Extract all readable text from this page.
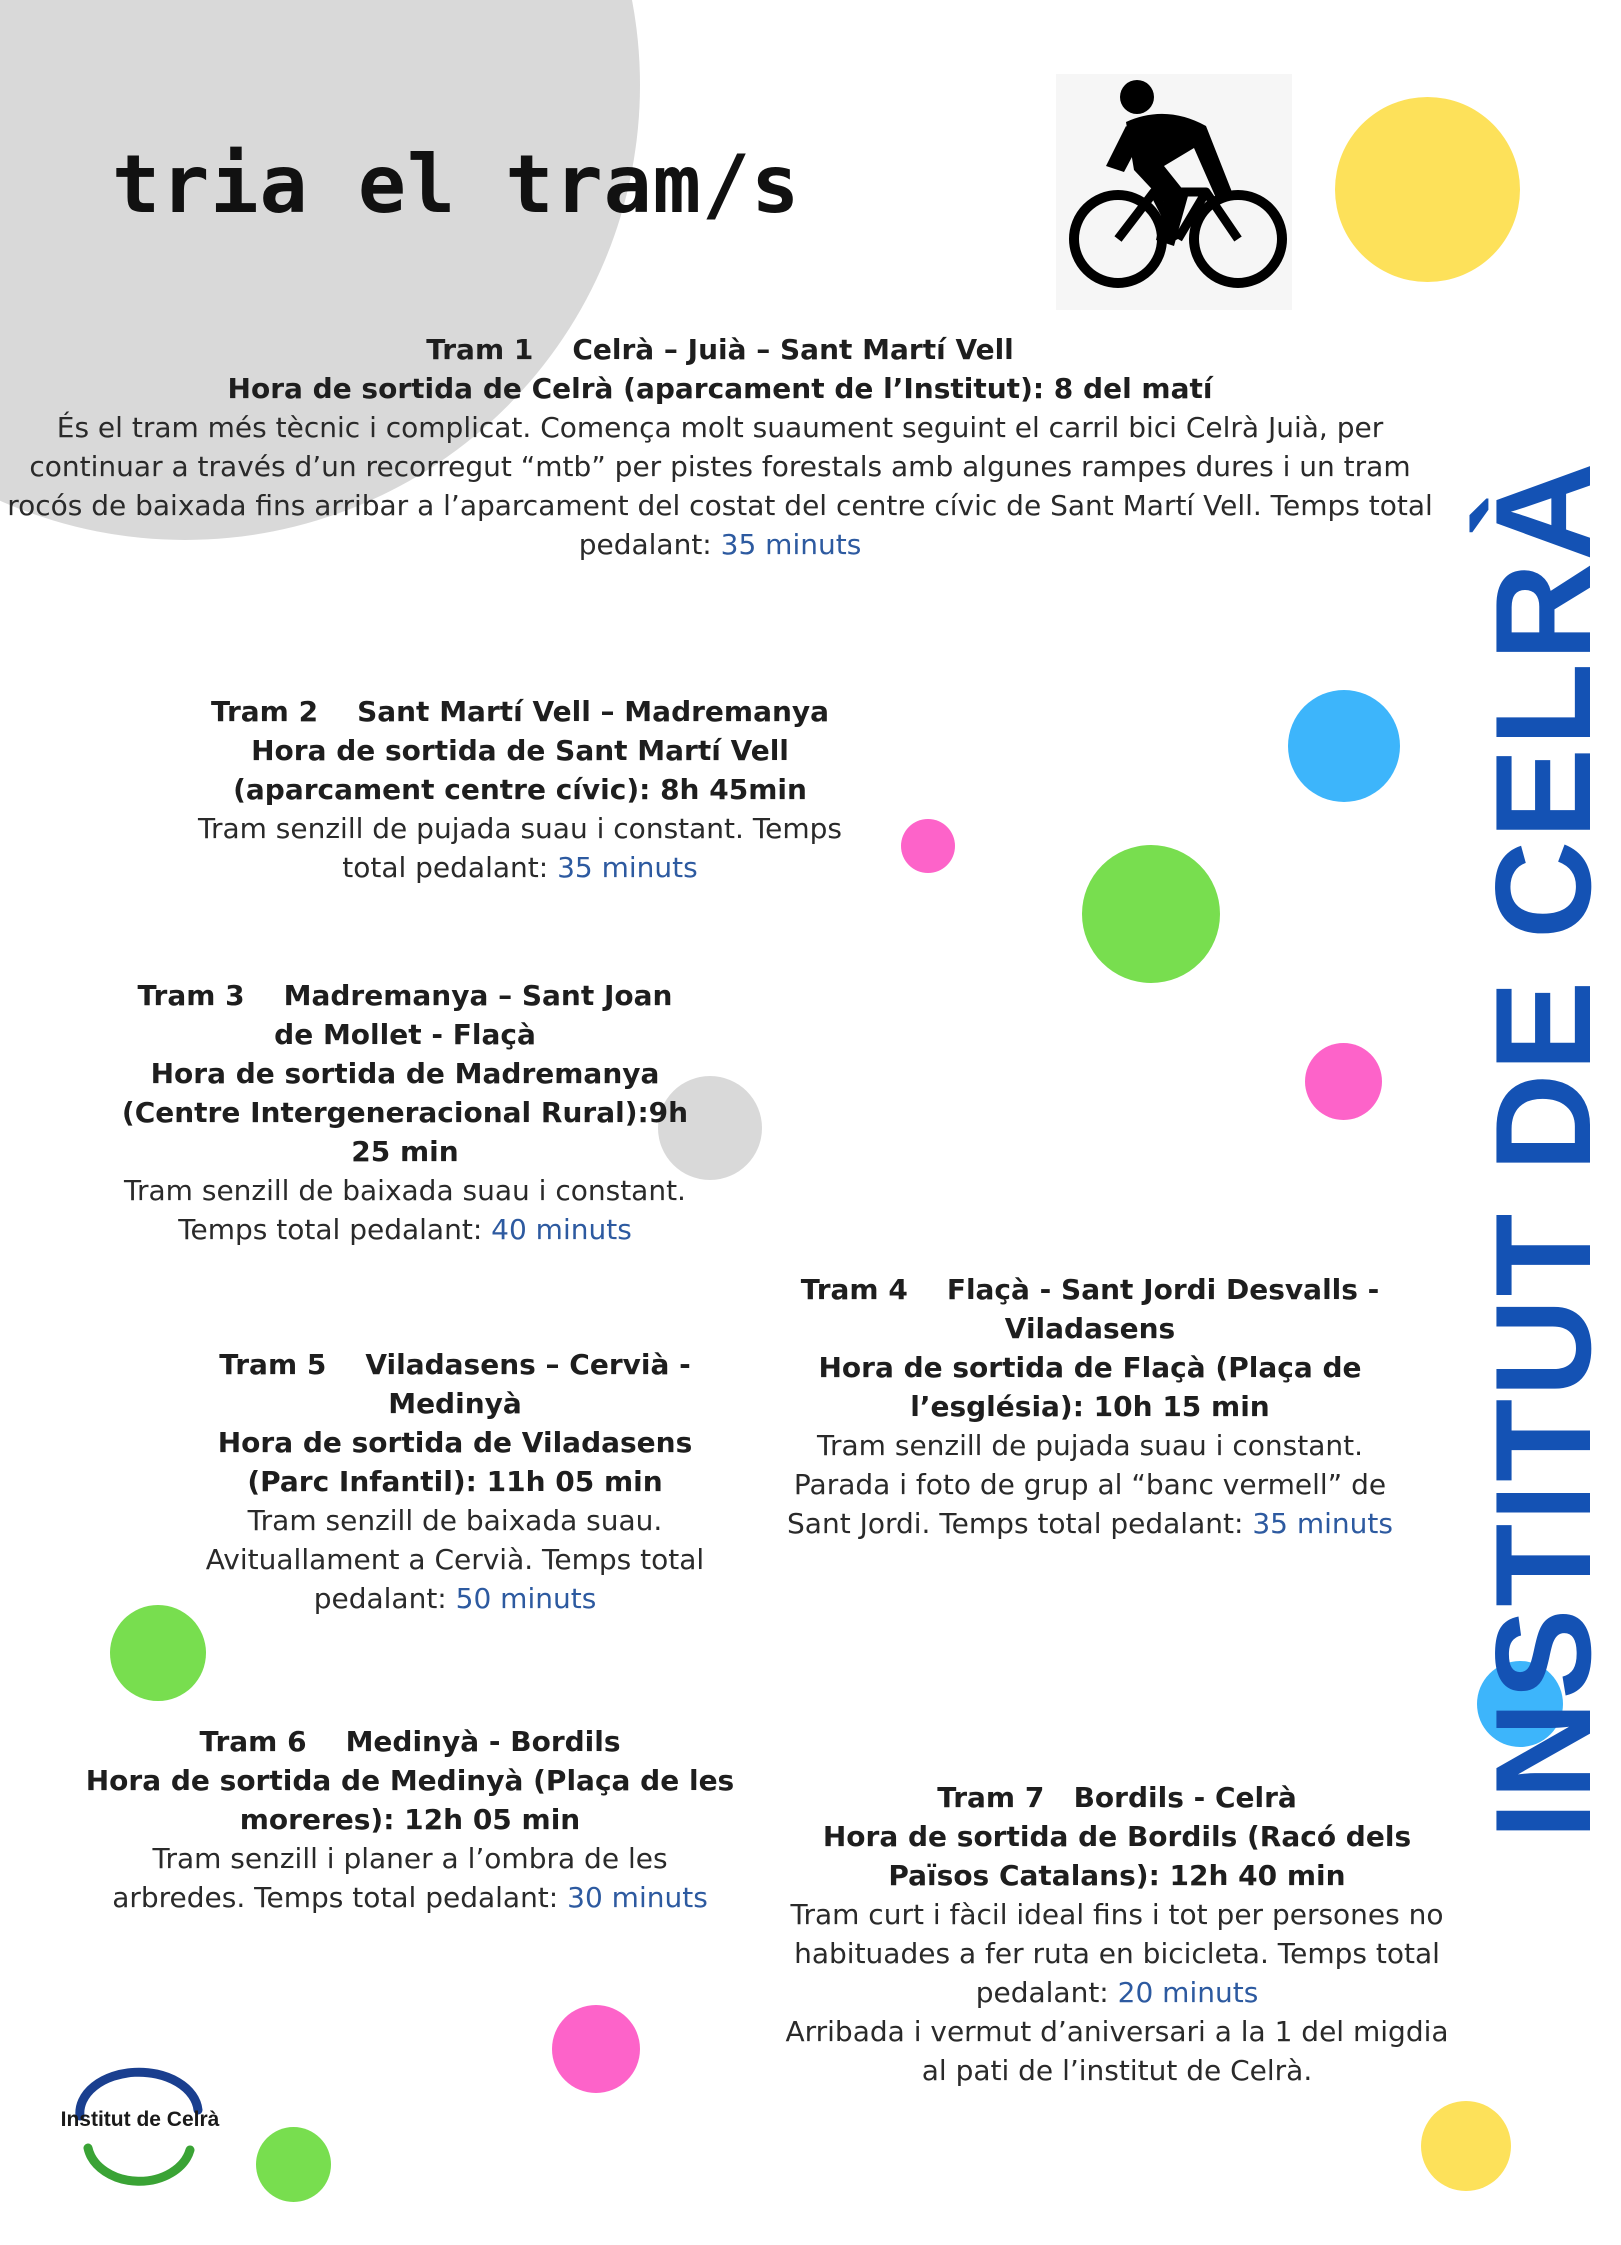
tria el tram/s
INSTITUT DE CELRÀ

Tram 1    Celrà – Juià – Sant Martí Vell

Hora de sortida de Celrà (aparcament de l’Institut): 8 del matí

És el tram més tècnic i complicat. Comença molt suaument seguint el carril bici Celrà Juià, per continuar a través d’un recorregut “mtb” per pistes forestals amb algunes rampes dures i un tram rocós de baixada fins arribar a l’aparcament del costat del centre cívic de Sant Martí Vell. Temps total pedalant: 35 minuts

Tram 2    Sant Martí Vell – Madremanya

Hora de sortida de Sant Martí Vell (aparcament centre cívic): 8h 45min

Tram senzill de pujada suau i constant. Temps total pedalant: 35 minuts

Tram 3    Madremanya – Sant Joan de Mollet - Flaçà

Hora de sortida de Madremanya (Centre Intergeneracional Rural):9h 25 min

Tram senzill de baixada suau i constant. Temps total pedalant: 40 minuts

Tram 4    Flaçà - Sant Jordi Desvalls - Viladasens

Hora de sortida de Flaçà (Plaça de l’església): 10h 15 min

Tram senzill de pujada suau i constant. Parada i foto de grup al “banc vermell” de Sant Jordi. Temps total pedalant: 35 minuts

Tram 5    Viladasens – Cervià - Medinyà

Hora de sortida de Viladasens (Parc Infantil): 11h 05 min

Tram senzill de baixada suau. Avituallament a Cervià. Temps total pedalant: 50 minuts

Tram 6    Medinyà - Bordils

Hora de sortida de Medinyà (Plaça de les moreres): 12h 05 min

Tram senzill i planer a l’ombra de les arbredes. Temps total pedalant: 30 minuts

Tram 7   Bordils - Celrà

Hora de sortida de Bordils (Racó dels Països Catalans): 12h 40 min

Tram curt i fàcil ideal fins i tot per persones no habituades a fer ruta en bicicleta. Temps total pedalant: 20 minuts

Arribada i vermut d’aniversari a la 1 del migdia al pati de l’institut de Celrà.

Institut de Celrà
